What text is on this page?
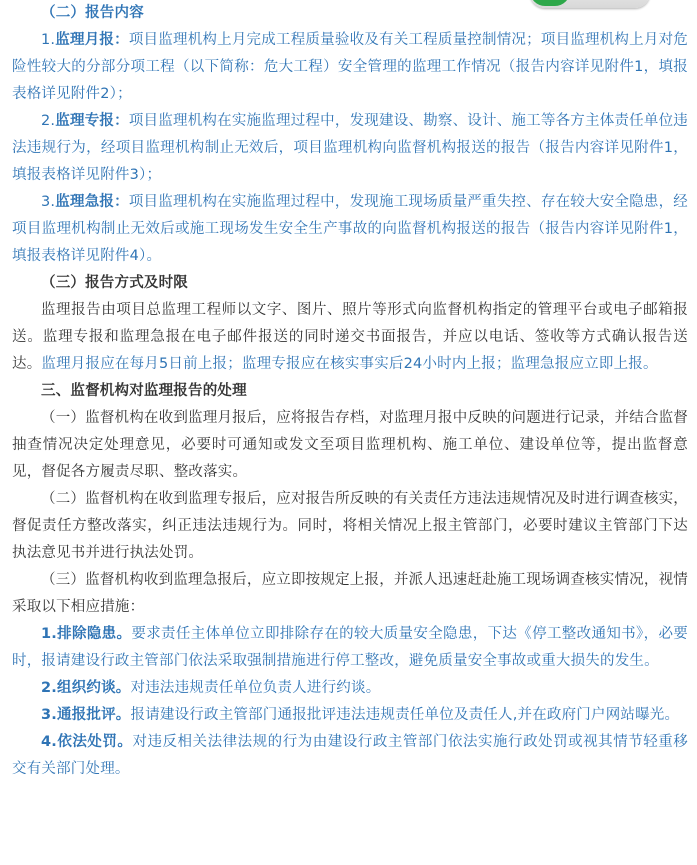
（二）报告内容

1.监理月报：项目监理机构上月完成工程质量验收及有关工程质量控制情况；项目监理机构上月对危险性较大的分部分项工程（以下简称：危大工程）安全管理的监理工作情况（报告内容详见附件1，填报表格详见附件2）；

2.监理专报：项目监理机构在实施监理过程中，发现建设、勘察、设计、施工等各方主体责任单位违法违规行为，经项目监理机构制止无效后，项目监理机构向监督机构报送的报告（报告内容详见附件1，填报表格详见附件3）；

3.监理急报：项目监理机构在实施监理过程中，发现施工现场质量严重失控、存在较大安全隐患，经项目监理机构制止无效后或施工现场发生安全生产事故的向监督机构报送的报告（报告内容详见附件1，填报表格详见附件4）。

（三）报告方式及时限

监理报告由项目总监理工程师以文字、图片、照片等形式向监督机构指定的管理平台或电子邮箱报送。监理专报和监理急报在电子邮件报送的同时递交书面报告，并应以电话、签收等方式确认报告送达。监理月报应在每月5日前上报；监理专报应在核实事实后24小时内上报；监理急报应立即上报。

三、监督机构对监理报告的处理

（一）监督机构在收到监理月报后，应将报告存档，对监理月报中反映的问题进行记录，并结合监督抽查情况决定处理意见，必要时可通知或发文至项目监理机构、施工单位、建设单位等，提出监督意见，督促各方履责尽职、整改落实。

（二）监督机构在收到监理专报后，应对报告所反映的有关责任方违法违规情况及时进行调查核实，督促责任方整改落实，纠正违法违规行为。同时，将相关情况上报主管部门，必要时建议主管部门下达执法意见书并进行执法处罚。

（三）监督机构收到监理急报后，应立即按规定上报，并派人迅速赶赴施工现场调查核实情况，视情采取以下相应措施：

1.排除隐患。要求责任主体单位立即排除存在的较大质量安全隐患，下达《停工整改通知书》，必要时，报请建设行政主管部门依法采取强制措施进行停工整改，避免质量安全事故或重大损失的发生。

2.组织约谈。对违法违规责任单位负责人进行约谈。

3.通报批评。报请建设行政主管部门通报批评违法违规责任单位及责任人,并在政府门户网站曝光。

4.依法处罚。对违反相关法律法规的行为由建设行政主管部门依法实施行政处罚或视其情节轻重移交有关部门处理。
